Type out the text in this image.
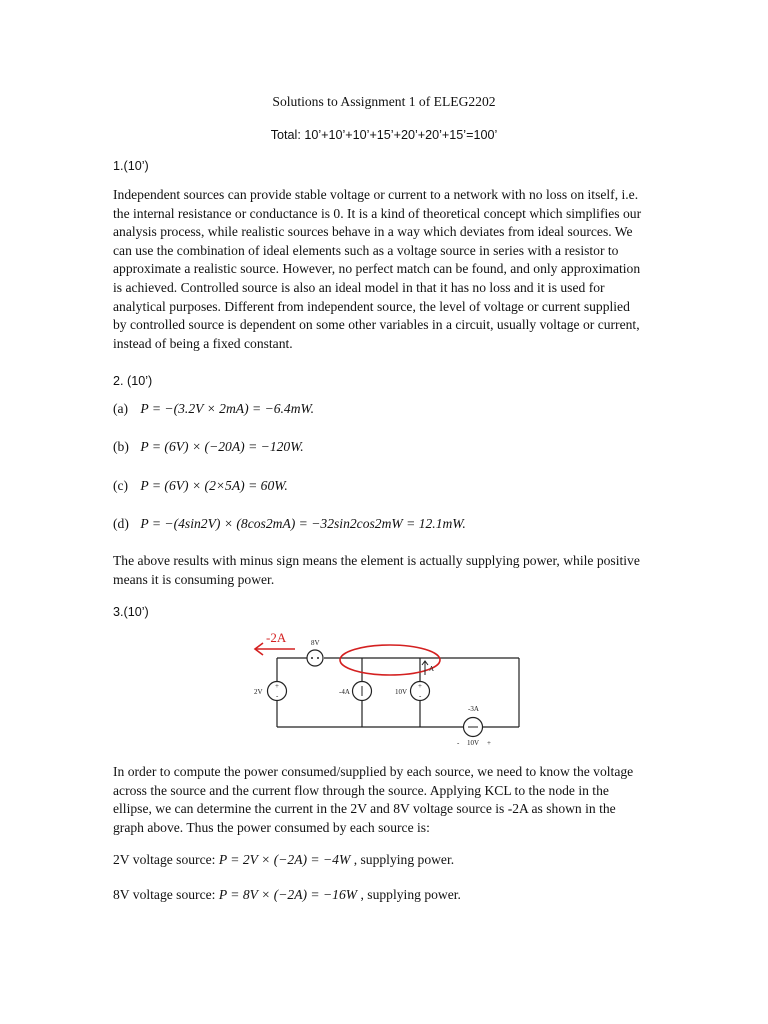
Solutions to Assignment 1 of ELEG2202
Total: 10’+10’+10’+15’+20’+20’+15’=100’
1.(10’)

Independent sources can provide stable voltage or current to a network with no loss on itself, i.e.

the internal resistance or conductance is 0. It is a kind of theoretical concept which simplifies our

analysis process, while realistic sources behave in a way which deviates from ideal sources. We

can use the combination of ideal elements such as a voltage source in series with a resistor to

approximate a realistic source. However, no perfect match can be found, and only approximation

is achieved. Controlled source is also an ideal model in that it has no loss and it is used for

analytical purposes. Different from independent source, the level of voltage or current supplied

by controlled source is dependent on some other variables in a circuit, usually voltage or current,

instead of being a fixed constant.

2. (10’)
(a) P = −(3.2V × 2mA) = −6.4mW.
(b) P = (6V) × (−20A) = −120W.
(c) P = (6V) × (2×5A) = 60W.
(d) P = −(4sin2V) × (8cos2mA) = −32sin2cos2mW = 12.1mW.
The above results with minus sign means the element is actually supplying power, while positive
means it is consuming power.
3.(10’)
-2A	8V
A
+
-
2V	-4A
+
-
10V
-3A
- 10V +
In order to compute the power consumed/supplied by each source, we need to know the voltage
across the source and the current flow through the source. Applying KCL to the node in the
ellipse, we can determine the current in the 2V and 8V voltage source is -2A as shown in the
graph above. Thus the power consumed by each source is:
2V voltage source: P = 2V × (−2A) = −4W , supplying power.
8V voltage source: P = 8V × (−2A) = −16W , supplying power.
